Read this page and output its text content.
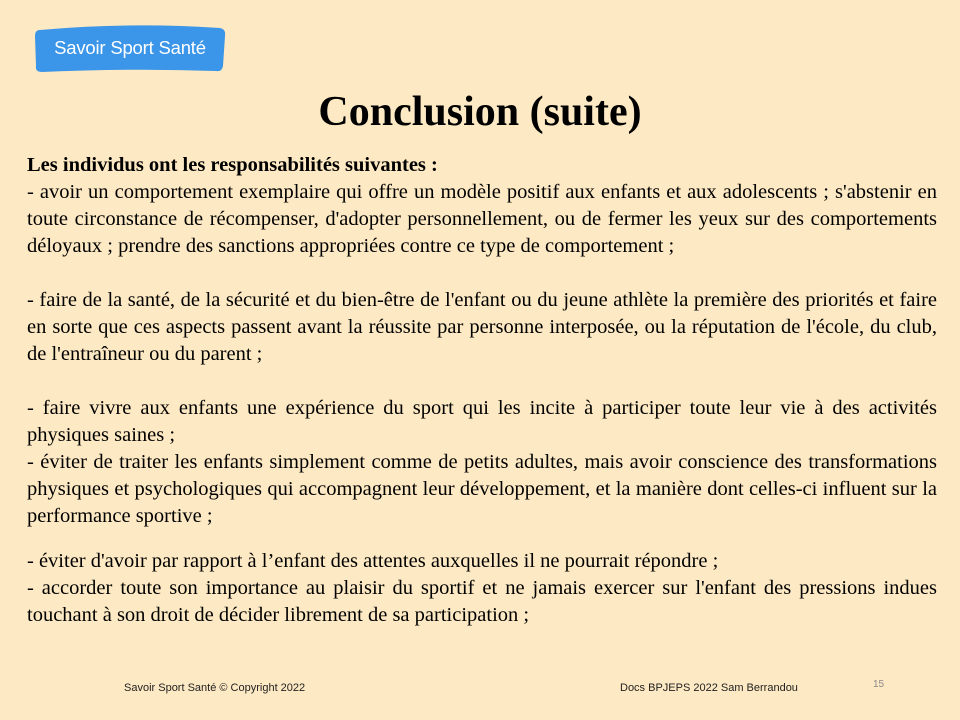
Savoir Sport Santé
Conclusion (suite)

Les individus ont les responsabilités suivantes :

- avoir un comportement exemplaire qui offre un modèle positif aux enfants et aux adolescents ; s'abstenir en toute circonstance de récompenser, d'adopter personnellement, ou de fermer les yeux sur des comportements déloyaux ; prendre des sanctions appropriées contre ce type de comportement ;

- faire de la santé, de la sécurité et du bien-être de l'enfant ou du jeune athlète la première des priorités et faire en sorte que ces aspects passent avant la réussite par personne interposée, ou la réputation de l'école, du club, de l'entraîneur ou du parent ;

- faire vivre aux enfants une expérience du sport qui les incite à participer toute leur vie à des activités physiques saines ;

- éviter de traiter les enfants simplement comme de petits adultes, mais avoir conscience des transformations physiques et psychologiques qui accompagnent leur développement, et la manière dont celles-ci influent sur la performance sportive ;

- éviter d'avoir par rapport à l’enfant des attentes auxquelles il ne pourrait répondre ;

- accorder toute son importance au plaisir du sportif et ne jamais exercer sur l'enfant des pressions indues touchant à son droit de décider librement de sa participation ;

Savoir Sport Santé © Copyright 2022	Docs BPJEPS 2022 Sam Berrandou	15
